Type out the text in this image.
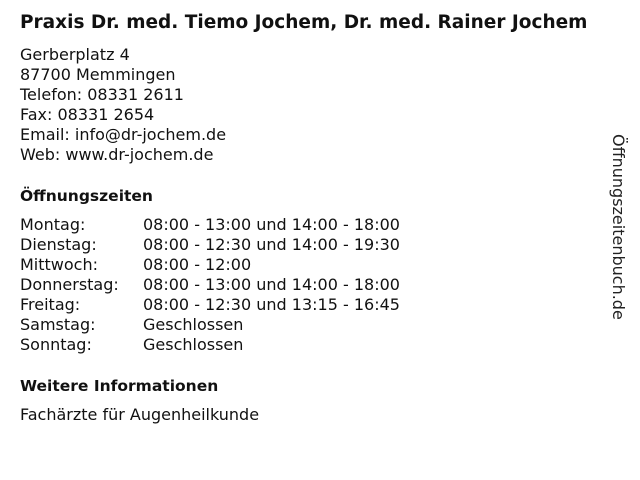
Praxis Dr. med. Tiemo Jochem, Dr. med. Rainer Jochem
Gerberplatz 4
87700 Memmingen
Telefon: 08331 2611
Fax: 08331 2654
Email: info@dr-jochem.de
Web: www.dr-jochem.de
Öffnungszeiten
Montag:	08:00 - 13:00 und 14:00 - 18:00
Dienstag:	08:00 - 12:30 und 14:00 - 19:30
Mittwoch:	08:00 - 12:00
Donnerstag:	08:00 - 13:00 und 14:00 - 18:00
Freitag:	08:00 - 12:30 und 13:15 - 16:45
Samstag:	Geschlossen
Sonntag:	Geschlossen
Weitere Informationen
Fachärzte für Augenheilkunde
Öffnungszeitenbuch.de
